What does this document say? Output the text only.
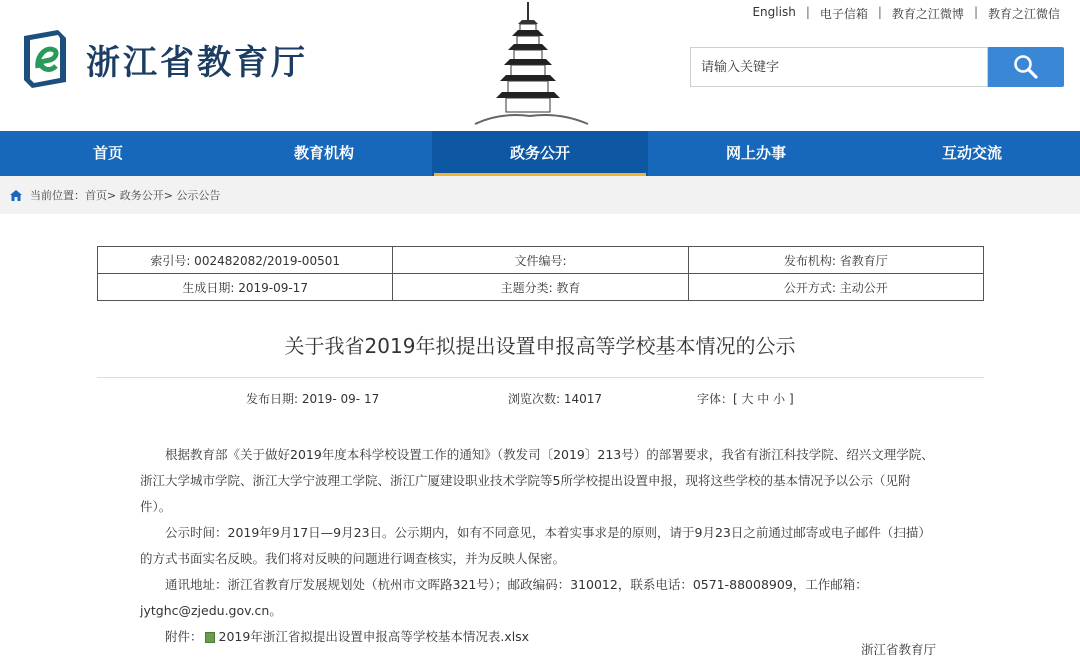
浙江省教育厅
English | 电子信箱 | 教育之江微博 | 教育之江微信
请输入关键字
首页	教育机构	政务公开	网上办事	互动交流
当前位置： 首页> 政务公开> 公示公告
索引号: 002482082/2019-00501	文件编号:	发布机构: 省教育厅
生成日期: 2019-09-17	主题分类: 教育	公开方式: 主动公开
关于我省2019年拟提出设置申报高等学校基本情况的公示
发布日期: 2019- 09- 17	浏览次数: 14017	字体：[ 大 中 小 ]

根据教育部《关于做好2019年度本科学校设置工作的通知》（教发司〔2019〕213号）的部署要求，我省有浙江科技学院、绍兴文理学院、浙江大学城市学院、浙江大学宁波理工学院、浙江广厦建设职业技术学院等5所学校提出设置申报，现将这些学校的基本情况予以公示（见附件）。

公示时间：2019年9月17日—9月23日。公示期内，如有不同意见，本着实事求是的原则，请于9月23日之前通过邮寄或电子邮件（扫描）的方式书面实名反映。我们将对反映的问题进行调查核实，并为反映人保密。

通讯地址：浙江省教育厅发展规划处（杭州市文晖路321号）；邮政编码：310012，联系电话：0571-88008909，工作邮箱：jytghc@zjedu.gov.cn。

附件： 2019年浙江省拟提出设置申报高等学校基本情况表.xlsx

浙江省教育厅
